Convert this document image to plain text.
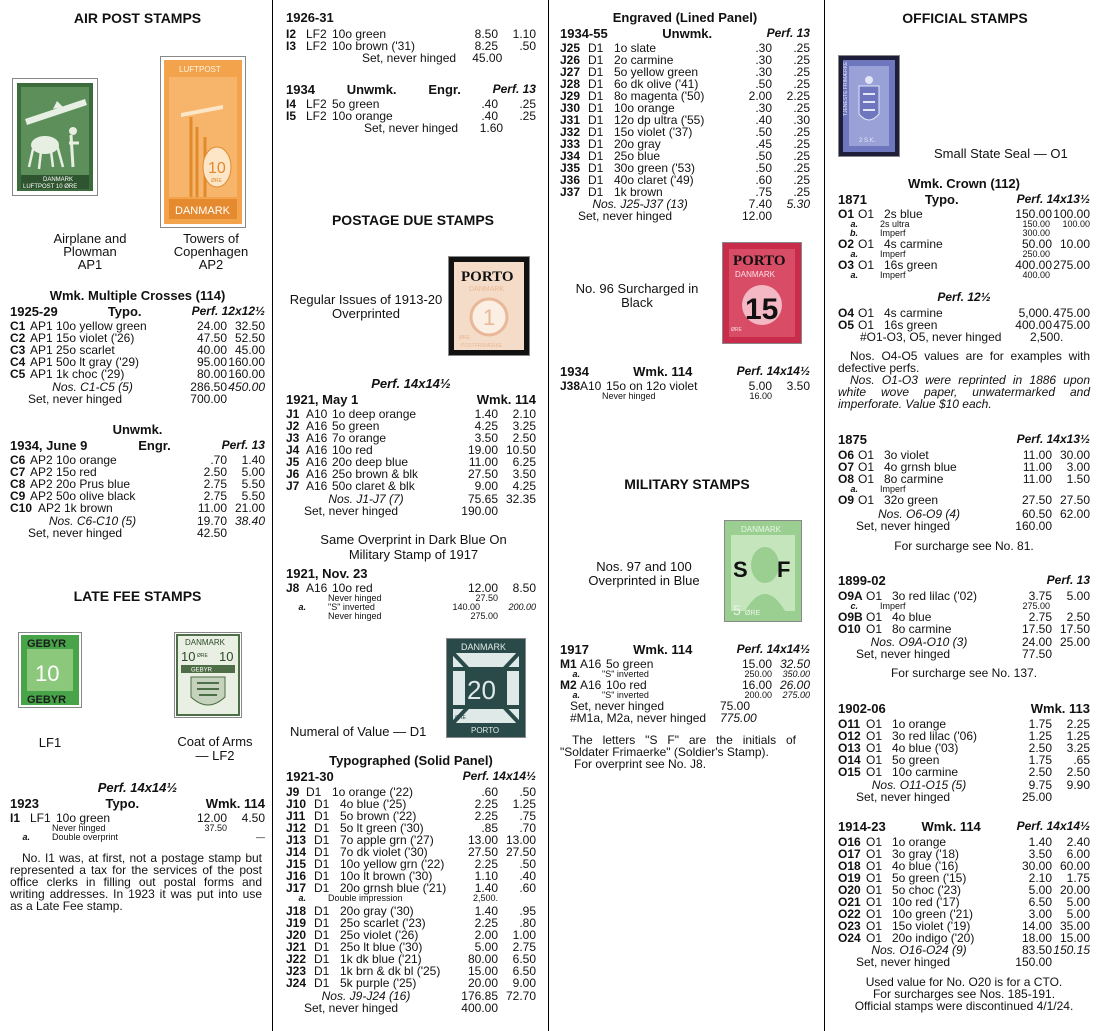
AIR POST STAMPS
DANMARK
LUFTPOST 10 ØRE
LUFTPOST
10
ØRE
DANMARK
Airplane and Plowman
AP1
Towers of Copenhagen
AP2
Wmk. Multiple Crosses (114)
1925-29	Typo.	Perf. 12x12½
C1 AP1 10o yellow green	24.00 32.50
C2 AP1 15o violet ('26)	47.50 52.50
C3 AP1 25o scarlet	40.00 45.00
C4 AP1 50o lt gray ('29)	95.00 160.00
C5 AP1 1k choc ('29)	80.00 160.00
Nos. C1-C5 (5)	286.50 450.00
Set, never hinged	700.00
Unwmk.
1934, June 9	Engr.	Perf. 13
C6 AP2 10o orange	.70	1.40
C7 AP2 15o red	2.50	5.00
C8 AP2 20o Prus blue	2.75	5.50
C9 AP2 50o olive black	2.75	5.50
C10 AP2 1k brown	11.00 21.00
Nos. C6-C10 (5)	19.70 38.40
Set, never hinged	42.50
LATE FEE STAMPS
GEBYR
10
GEBYR
DANMARK
10 10
ØRE
GEBYR
LF1	Coat of Arms — LF2
Perf. 14x14½
1923	Typo.	Wmk. 114
I1 LF1 10o green	12.00	4.50
Never hinged	37.50
a.	Double overprint	—
No. I1 was, at first, not a postage stamp but represented a tax for the services of the post office clerks in filling out postal forms and writing addresses. In 1923 it was put into use as a Late Fee stamp.
1926-31
I2 LF2 10o green	8.50	1.10
I3 LF2 10o brown ('31)	8.25	.50
Set, never hinged	45.00
1934 Unwmk. Engr.	Perf. 13
I4 LF2 5o green	.40	.25
I5 LF2 10o orange	.40	.25
Set, never hinged	1.60
POSTAGE DUE STAMPS
Regular Issues of 1913-20 Overprinted
PORTO
DANMARK
1
ØRE
POSTFRIMÆRKE
Perf. 14x14½
1921, May 1	Wmk. 114
J1 A10 1o deep orange	1.40	2.10
J2 A16 5o green	4.25	3.25
J3 A16 7o orange	3.50	2.50
J4 A16 10o red	19.00 10.50
J5 A16 20o deep blue	11.00	6.25
J6 A16 25o brown & blk	27.50	3.50
J7 A16 50o claret & blk	9.00	4.25
Nos. J1-J7 (7)	75.65 32.35
Set, never hinged	190.00
Same Overprint in Dark Blue On Military Stamp of 1917
1921, Nov. 23
J8 A16 10o red	12.00	8.50
Never hinged	27.50
a.	"S" inverted	140.00	200.00
Never hinged	275.00
DANMARK
20
ØRE
PORTO
Numeral of Value — D1
Typographed (Solid Panel)
1921-30	Perf. 14x14½
J9 D1 1o orange ('22)	.60	.50
J10 D1 4o blue ('25)	2.25	1.25
J11 D1 5o brown ('22)	2.25	.75
J12 D1 5o lt green ('30)	.85	.70
J13 D1 7o apple grn ('27)	13.00 13.00
J14 D1 7o dk violet ('30)	27.50 27.50
J15 D1 10o yellow grn ('22)	2.25	.50
J16 D1 10o lt brown ('30)	1.10	.40
J17 D1 20o grnsh blue ('21)	1.40	.60
a.	Double impression	2,500.
J18 D1 20o gray ('30)	1.40	.95
J19 D1 25o scarlet ('23)	2.25	.80
J20 D1 25o violet ('26)	2.00	1.00
J21 D1 25o lt blue ('30)	5.00	2.75
J22 D1 1k dk blue ('21)	80.00	6.50
J23 D1 1k brn & dk bl ('25)	15.00	6.50
J24 D1 5k purple ('25)	20.00	9.00
Nos. J9-J24 (16)	176.85 72.70
Set, never hinged	400.00
Engraved (Lined Panel)
1934-55	Unwmk.	Perf. 13
J25 D1 1o slate	.30	.25
J26 D1 2o carmine	.30	.25
J27 D1 5o yellow green	.30	.25
J28 D1 6o dk olive ('41)	.50	.25
J29 D1 8o magenta ('50)	2.00	2.25
J30 D1 10o orange	.30	.25
J31 D1 12o dp ultra ('55)	.40	.30
J32 D1 15o violet ('37)	.50	.25
J33 D1 20o gray	.45	.25
J34 D1 25o blue	.50	.25
J35 D1 30o green ('53)	.50	.25
J36 D1 40o claret ('49)	.60	.25
J37 D1 1k brown	.75	.25
Nos. J25-J37 (13)	7.40	5.30
Set, never hinged	12.00
No. 96 Surcharged in Black
PORTO
DANMARK
15
ØRE
1934	Wmk. 114	Perf. 14x14½
J38 A10 15o on 12o violet	5.00	3.50
Never hinged	16.00
MILITARY STAMPS
Nos. 97 and 100 Overprinted in Blue
DANMARK
S F
5 ØRE
1917	Wmk. 114	Perf. 14x14½
M1 A16 5o green	15.00 32.50
a.	"S" inverted	250.00	350.00
M2 A16 10o red	16.00 26.00
a.	"S" inverted	200.00	275.00
Set, never hinged	75.00
#M1a, M2a, never hinged	775.00
The letters "S F" are the initials of "Soldater Frimaerke" (Soldier's Stamp).
For overprint see No. J8.
OFFICIAL STAMPS
TJENESTE FRIMÆRKE
2 S.K.
Small State Seal — O1
Wmk. Crown (112)
1871	Typo.	Perf. 14x13½
O1 O1 2s blue	150.00 100.00
a.	2s ultra	150.00	100.00
b.	Imperf	300.00
O2 O1 4s carmine	50.00 10.00
a.	Imperf	250.00
O3 O1 16s green	400.00 275.00
a.	Imperf	400.00
Perf. 12½
O4 O1 4s carmine	5,000. 475.00
O5 O1 16s green	400.00 475.00
#O1-O3, O5, never hinged	2,500.
Nos. O4-O5 values are for examples with defective perfs.
Nos. O1-O3 were reprinted in 1886 upon white wove paper, unwatermarked and imperforate. Value $10 each.
1875	Perf. 14x13½
O6 O1 3o violet	11.00 30.00
O7 O1 4o grnsh blue	11.00	3.00
O8 O1 8o carmine	11.00	1.50
a.	Imperf
O9 O1 32o green	27.50 27.50
Nos. O6-O9 (4)	60.50 62.00
Set, never hinged	160.00
For surcharge see No. 81.
1899-02	Perf. 13
O9A O1 3o red lilac ('02)	3.75	5.00
c.	Imperf	275.00
O9B O1 4o blue	2.75	2.50
O10 O1 8o carmine	17.50 17.50
Nos. O9A-O10 (3)	24.00 25.00
Set, never hinged	77.50
For surcharge see No. 137.
1902-06	Wmk. 113
O11 O1 1o orange	1.75	2.25
O12 O1 3o red lilac ('06)	1.25	1.25
O13 O1 4o blue ('03)	2.50	3.25
O14 O1 5o green	1.75	.65
O15 O1 10o carmine	2.50	2.50
Nos. O11-O15 (5)	9.75	9.90
Set, never hinged	25.00
1914-23	Wmk. 114	Perf. 14x14½
O16 O1 1o orange	1.40	2.40
O17 O1 3o gray ('18)	3.50	6.00
O18 O1 4o blue ('16)	30.00 60.00
O19 O1 5o green ('15)	2.10	1.75
O20 O1 5o choc ('23)	5.00 20.00
O21 O1 10o red ('17)	6.50	5.00
O22 O1 10o green ('21)	3.00	5.00
O23 O1 15o violet ('19)	14.00 35.00
O24 O1 20o indigo ('20)	18.00 15.00
Nos. O16-O24 (9)	83.50 150.15
Set, never hinged	150.00
Used value for No. O20 is for a CTO.
For surcharges see Nos. 185-191.
Official stamps were discontinued 4/1/24.
